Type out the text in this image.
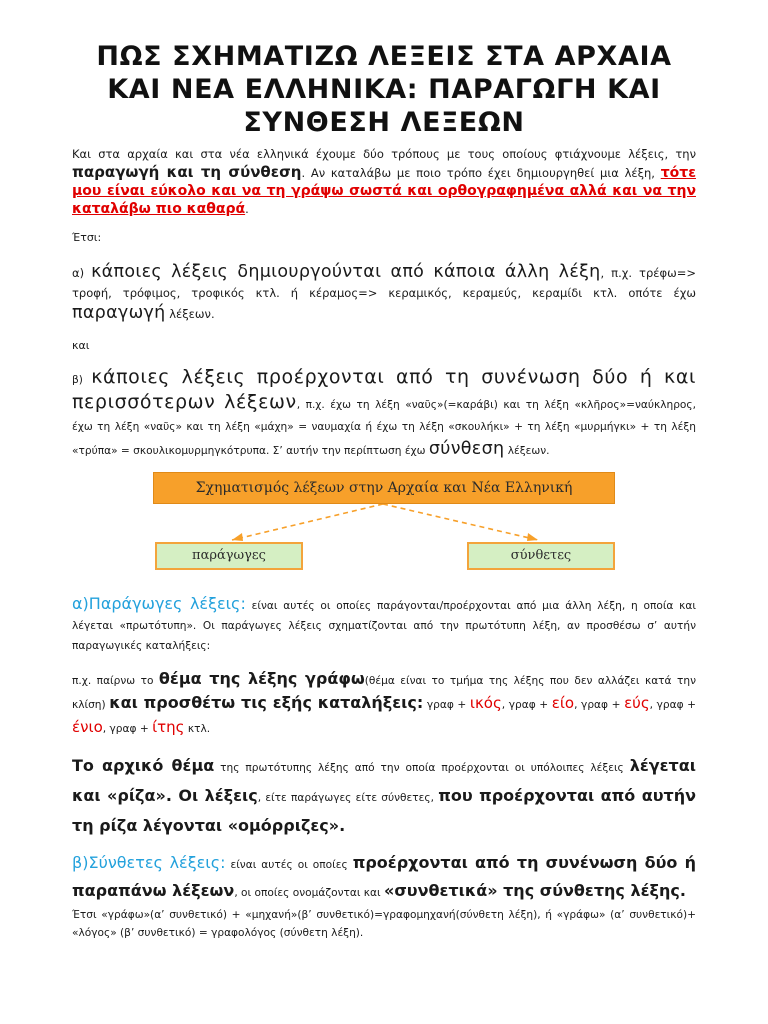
ΠΩΣ ΣΧΗΜΑΤΙΖΩ ΛΕΞΕΙΣ ΣΤΑ ΑΡΧΑΙΑ ΚΑΙ ΝΕΑ ΕΛΛΗΝΙΚΑ: ΠΑΡΑΓΩΓΗ ΚΑΙ ΣΥΝΘΕΣΗ ΛΕΞΕΩΝ

Και στα αρχαία και στα νέα ελληνικά έχουμε δύο τρόπους με τους οποίους φτιάχνουμε λέξεις, την παραγωγή και τη σύνθεση. Αν καταλάβω με ποιο τρόπο έχει δημιουργηθεί μια λέξη, τότε μου είναι εύκολο και να τη γράψω σωστά και ορθογραφημένα αλλά και να την καταλάβω πιο καθαρά.

Έτσι:

α) κάποιες λέξεις δημιουργούνται από κάποια άλλη λέξη, π.χ. τρέφω=> τροφή, τρόφιμος, τροφικός κτλ. ή κέραμος=> κεραμικός, κεραμεύς, κεραμίδι κτλ. οπότε έχω παραγωγή λέξεων.

και

β) κάποιες λέξεις προέρχονται από τη συνένωση δύο ή και περισσότερων λέξεων, π.χ. έχω τη λέξη «ναῦς»(=καράβι) και τη λέξη «κλῆρος»=ναύκληρος, έχω τη λέξη «ναῦς» και τη λέξη «μάχη» = ναυμαχία ή έχω τη λέξη «σκουλήκι» + τη λέξη «μυρμήγκι» + τη λέξη «τρύπα» = σκουλικομυρμηγκότρυπα. Σ’ αυτήν την περίπτωση έχω σύνθεση λέξεων.

Σχηματισμός λέξεων στην Αρχαία και Νέα Ελληνική
παράγωγες	σύνθετες

α)Παράγωγες λέξεις: είναι αυτές οι οποίες παράγονται/προέρχονται από μια άλλη λέξη, η οποία και λέγεται «πρωτότυπη». Οι παράγωγες λέξεις σχηματίζονται από την πρωτότυπη λέξη, αν προσθέσω σ’ αυτήν παραγωγικές καταλήξεις:

π.χ. παίρνω το θέμα της λέξης γράφω(θέμα είναι το τμήμα της λέξης που δεν αλλάζει κατά την κλίση) και προσθέτω τις εξής καταλήξεις: γραφ + ικός, γραφ + είο, γραφ + εύς, γραφ + ένιο, γραφ + ίτης κτλ.

Το αρχικό θέμα της πρωτότυπης λέξης από την οποία προέρχονται οι υπόλοιπες λέξεις λέγεται και «ρίζα». Οι λέξεις, είτε παράγωγες είτε σύνθετες, που προέρχονται από αυτήν τη ρίζα λέγονται «ομόρριζες».

β)Σύνθετες λέξεις: είναι αυτές οι οποίες προέρχονται από τη συνένωση δύο ή παραπάνω λέξεων, οι οποίες ονομάζονται και «συνθετικά» της σύνθετης λέξης.

Έτσι «γράφω»(α’ συνθετικό) + «μηχανή»(β’ συνθετικό)=γραφομηχανή(σύνθετη λέξη), ή «γράφω» (α’ συνθετικό)+ «λόγος» (β’ συνθετικό) = γραφολόγος (σύνθετη λέξη).
